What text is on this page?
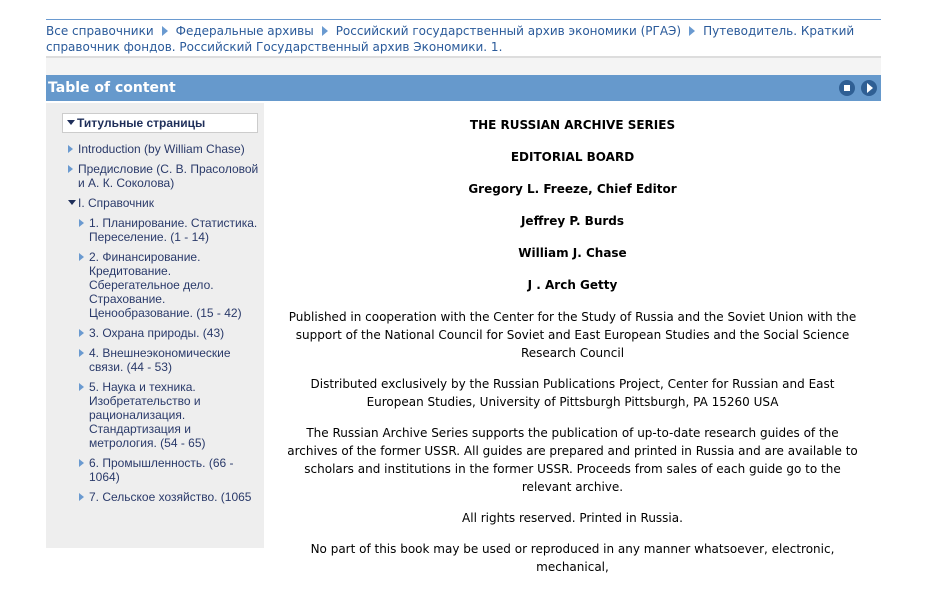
Все справочники Федеральные архивы Российский государственный архив экономики (РГАЭ) Путеводитель. Краткий справочник фондов. Российский Государственный архив Экономики. 1.
Table of content
Титульные страницы
Introduction (by William Chase)
Предисловие (С. В. Прасоловой и А. К. Соколова)
I. Справочник
1. Планирование. Статистика. Переселение. (1 - 14)
2. Финансирование. Кредитование. Сберегательное дело. Страхование. Ценообразование. (15 - 42)
3. Охрана природы. (43)
4. Внешнеэкономические связи. (44 - 53)
5. Наука и техника. Изобретательство и рационализация. Стандартизация и метрология. (54 - 65)
6. Промышленность. (66 - 1064)
7. Сельское хозяйство. (1065
THE RUSSIAN ARCHIVE SERIES
EDITORIAL BOARD
Gregory L. Freeze, Chief Editor
Jeffrey P. Burds
William J. Chase
J . Arch Getty

Published in cooperation with the Center for the Study of Russia and the Soviet Union with the support of the National Council for Soviet and East European Studies and the Social Science Research Council

Distributed exclusively by the Russian Publications Project, Center for Russian and East European Studies, University of Pittsburgh Pittsburgh, PA 15260 USA

The Russian Archive Series supports the publication of up-to-date research guides of the archives of the former USSR. All guides are prepared and printed in Russia and are available to scholars and institutions in the former USSR. Proceeds from sales of each guide go to the relevant archive.

All rights reserved. Printed in Russia.

No part of this book may be used or reproduced in any manner whatsoever, electronic, mechanical,
